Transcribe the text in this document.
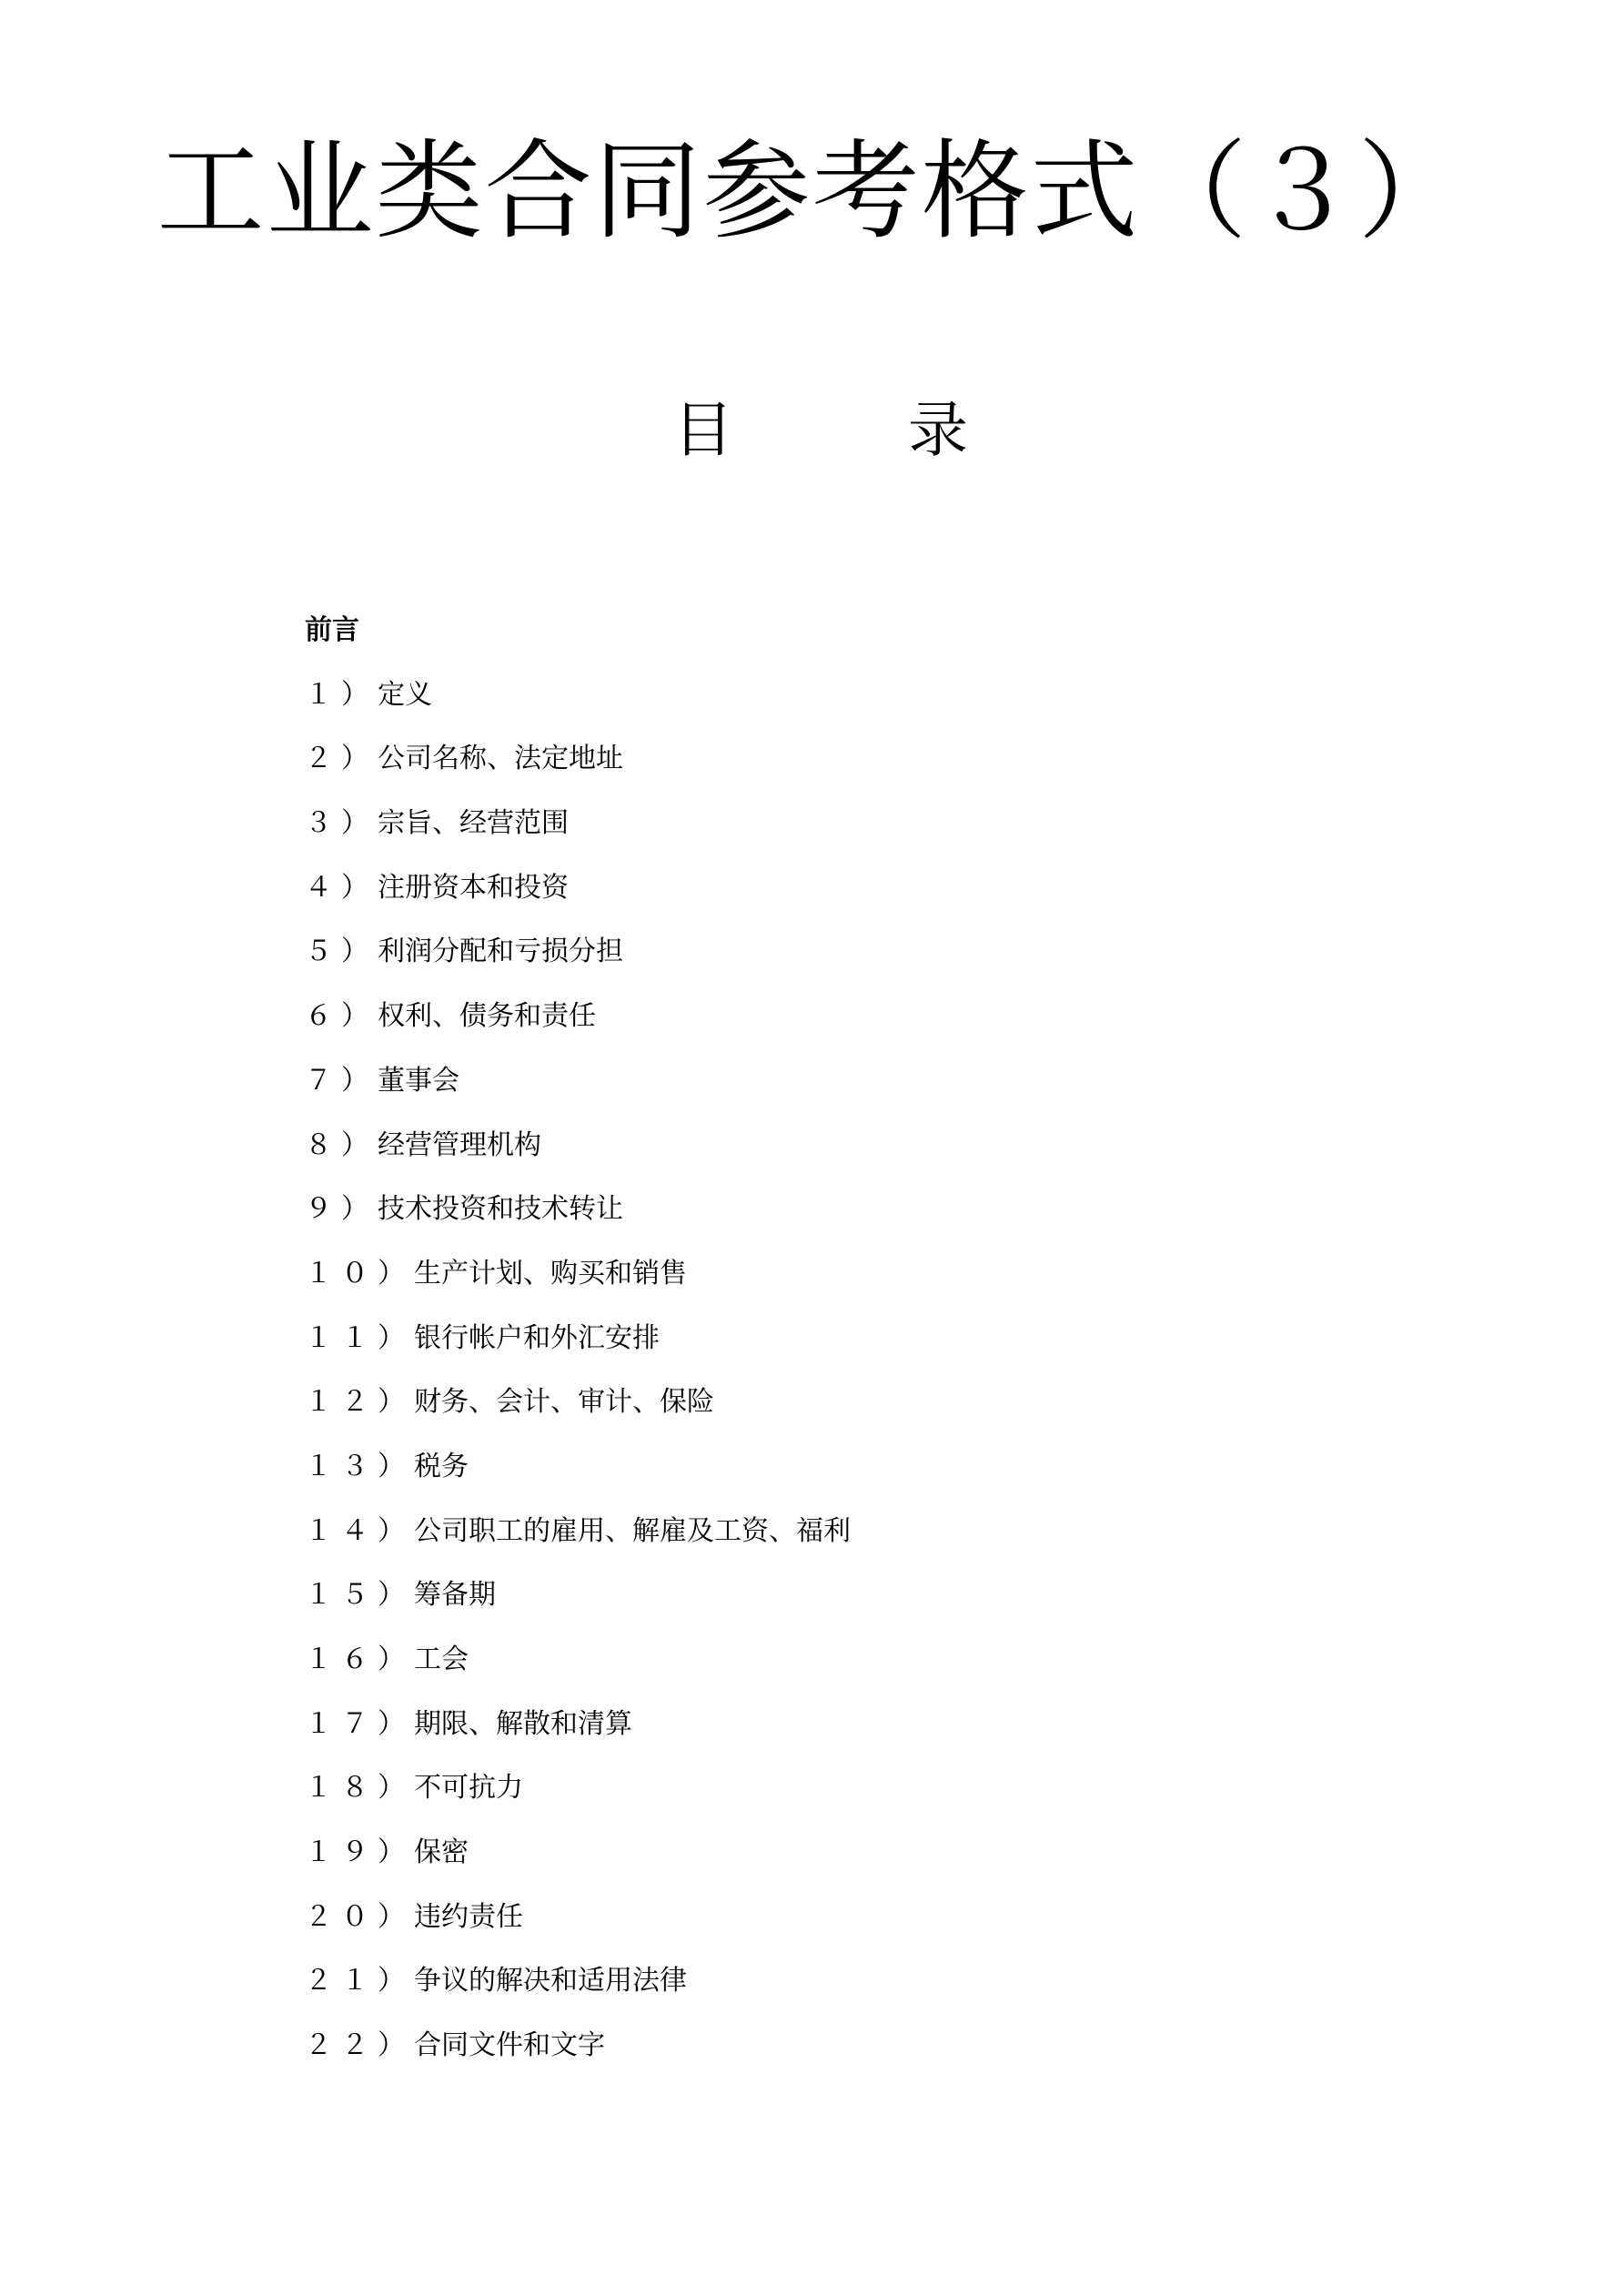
工业类合同参考格式（３）
目	录
前言
１）定义
２）公司名称、法定地址
３）宗旨、经营范围
４）注册资本和投资
５）利润分配和亏损分担
６）权利、债务和责任
７）董事会
８）经营管理机构
９）技术投资和技术转让
１０）生产计划、购买和销售
１１）银行帐户和外汇安排
１２）财务、会计、审计、保险
１３）税务
１４）公司职工的雇用、解雇及工资、福利
１５）筹备期
１６）工会
１７）期限、解散和清算
１８）不可抗力
１９）保密
２０）违约责任
２１）争议的解决和适用法律
２２）合同文件和文字
